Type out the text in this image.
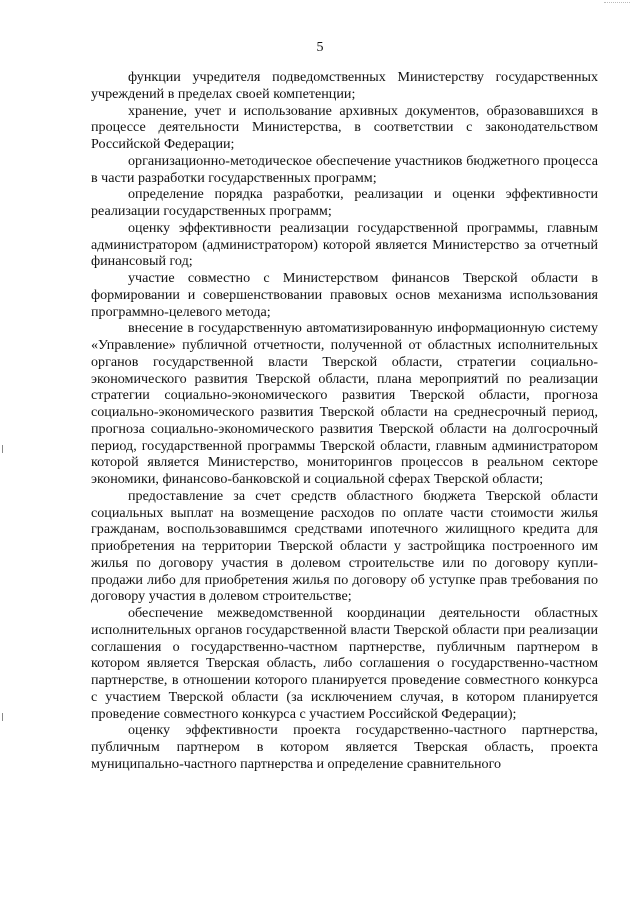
5

функции учредителя подведомственных Министерству государственных учреждений в пределах своей компетенции;

хранение, учет и использование архивных документов, образовавшихся в процессе деятельности Министерства, в соответствии с законодательством Российской Федерации;

организационно-методическое обеспечение участников бюджетного процесса в части разработки государственных программ;

определение порядка разработки, реализации и оценки эффективности реализации государственных программ;

оценку эффективности реализации государственной программы, главным администратором (администратором) которой является Министерство за отчетный финансовый год;

участие совместно с Министерством финансов Тверской области в формировании и совершенствовании правовых основ механизма использования программно-целевого метода;

внесение в государственную автоматизированную информационную систему «Управление» публичной отчетности, полученной от областных исполнительных органов государственной власти Тверской области, стратегии социально-экономического развития Тверской области, плана мероприятий по реализации стратегии социально-экономического развития Тверской области, прогноза социально-экономического развития Тверской области на среднесрочный период, прогноза социально-экономического развития Тверской области на долгосрочный период, государственной программы Тверской области, главным администратором которой является Министерство, мониторингов процессов в реальном секторе экономики, финансово-банковской и социальной сферах Тверской области;

предоставление за счет средств областного бюджета Тверской области социальных выплат на возмещение расходов по оплате части стоимости жилья гражданам, воспользовавшимся средствами ипотечного жилищного кредита для приобретения на территории Тверской области у застройщика построенного им жилья по договору участия в долевом строительстве или по договору купли-продажи либо для приобретения жилья по договору об уступке прав требования по договору участия в долевом строительстве;

обеспечение межведомственной координации деятельности областных исполнительных органов государственной власти Тверской области при реализации соглашения о государственно-частном партнерстве, публичным партнером в котором является Тверская область, либо соглашения о государственно-частном партнерстве, в отношении которого планируется проведение совместного конкурса с участием Тверской области (за исключением случая, в котором планируется проведение совместного конкурса с участием Российской Федерации);

оценку эффективности проекта государственно-частного партнерства, публичным партнером в котором является Тверская область, проекта муниципально-частного партнерства и определение сравнительного
